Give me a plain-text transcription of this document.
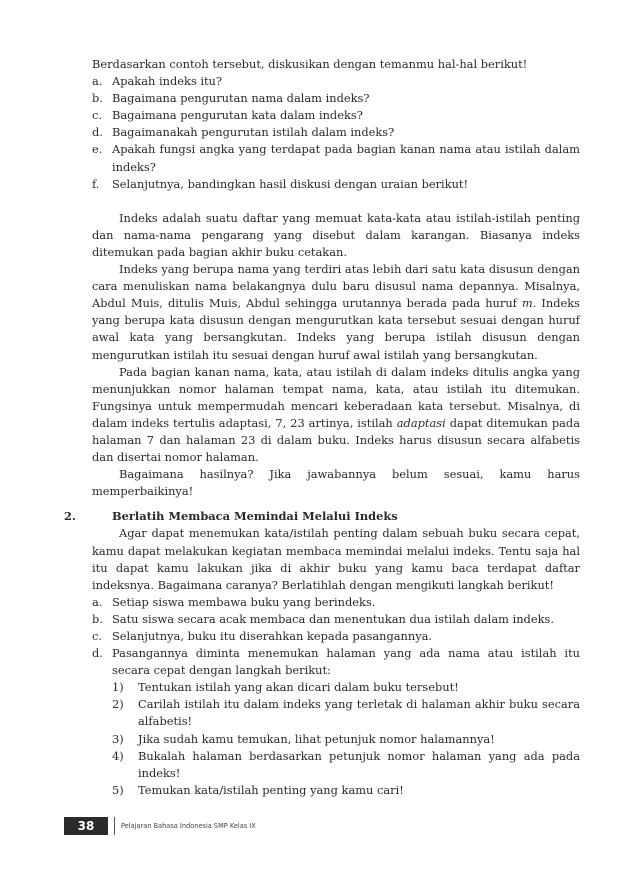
Berdasarkan contoh tersebut, diskusikan dengan temanmu hal-hal berikut!

a. Apakah indeks itu?
b. Bagaimana pengurutan nama dalam indeks?
c. Bagaimana pengurutan kata dalam indeks?
d. Bagaimanakah pengurutan istilah dalam indeks?
e. Apakah fungsi angka yang terdapat pada bagian kanan nama atau istilah dalam indeks?
f. Selanjutnya, bandingkan hasil diskusi dengan uraian berikut!

Indeks adalah suatu daftar yang memuat kata-kata atau istilah-istilah penting dan nama-nama pengarang yang disebut dalam karangan. Biasanya indeks ditemukan pada bagian akhir buku cetakan.

Indeks yang berupa nama yang terdiri atas lebih dari satu kata disusun dengan cara menuliskan nama belakangnya dulu baru disusul nama depannya. Misalnya, Abdul Muis, ditulis Muis, Abdul sehingga urutannya berada pada huruf m. Indeks yang berupa kata disusun dengan mengurutkan kata tersebut sesuai dengan huruf awal kata yang bersangkutan. Indeks yang berupa istilah disusun dengan mengurutkan istilah itu sesuai dengan huruf awal istilah yang bersangkutan.

Pada bagian kanan nama, kata, atau istilah di dalam indeks ditulis angka yang menunjukkan nomor halaman tempat nama, kata, atau istilah itu ditemukan. Fungsinya untuk mempermudah mencari keberadaan kata tersebut. Misalnya, di dalam indeks tertulis adaptasi, 7, 23 artinya, istilah adaptasi dapat ditemukan pada halaman 7 dan halaman 23 di dalam buku. Indeks harus disusun secara alfabetis dan disertai nomor halaman.

Bagaimana hasilnya? Jika jawabannya belum sesuai, kamu harus memperbaikinya!

2.	Berlatih Membaca Memindai Melalui Indeks

Agar dapat menemukan kata/istilah penting dalam sebuah buku secara cepat, kamu dapat melakukan kegiatan membaca memindai melalui indeks. Tentu saja hal itu dapat kamu lakukan jika di akhir buku yang kamu baca terdapat daftar indeksnya. Bagaimana caranya? Berlatihlah dengan mengikuti langkah berikut!

a. Setiap siswa membawa buku yang berindeks.
b. Satu siswa secara acak membaca dan menentukan dua istilah dalam indeks.
c. Selanjutnya, buku itu diserahkan kepada pasangannya.
d. Pasangannya diminta menemukan halaman yang ada nama atau istilah itu secara cepat dengan langkah berikut:
1) Tentukan istilah yang akan dicari dalam buku tersebut!
2) Carilah istilah itu dalam indeks yang terletak di halaman akhir buku secara alfabetis!
3) Jika sudah kamu temukan, lihat petunjuk nomor halamannya!
4) Bukalah halaman berdasarkan petunjuk nomor halaman yang ada pada indeks!
5) Temukan kata/istilah penting yang kamu cari!
38	Pelajaran Bahasa Indonesia SMP Kelas IX
